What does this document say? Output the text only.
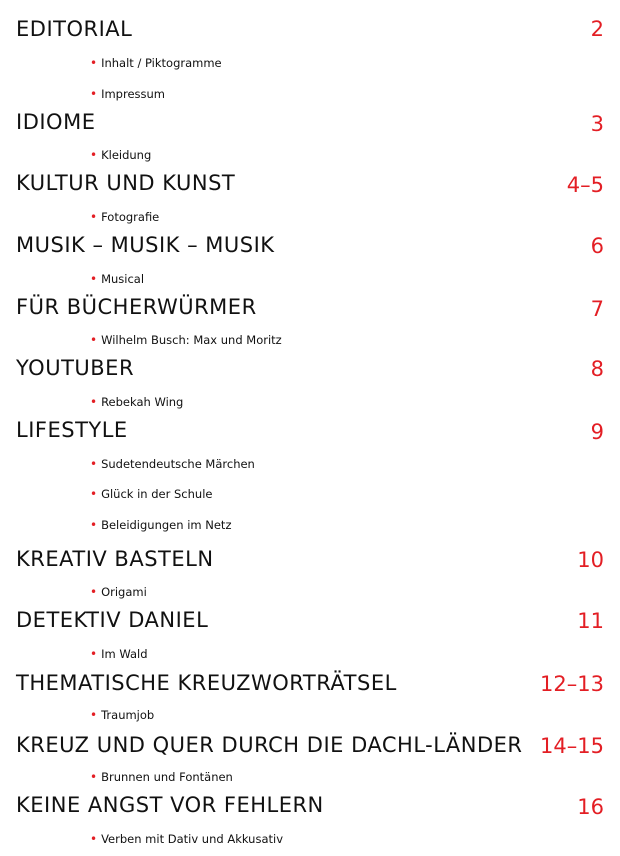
EDITORIAL	2
• Inhalt / Piktogramme
• Impressum
IDIOME	3
• Kleidung
KULTUR UND KUNST	4–5
• Fotografie
MUSIK – MUSIK – MUSIK	6
• Musical
FÜR BÜCHERWÜRMER	7
• Wilhelm Busch: Max und Moritz
YOUTUBER	8
• Rebekah Wing
LIFESTYLE	9
• Sudetendeutsche Märchen
• Glück in der Schule
• Beleidigungen im Netz
KREATIV BASTELN	10
• Origami
DETEKTIV DANIEL	11
• Im Wald
THEMATISCHE KREUZWORTRÄTSEL	12–13
• Traumjob
KREUZ UND QUER DURCH DIE DACHL-LÄNDER 14–15
• Brunnen und Fontänen
KEINE ANGST VOR FEHLERN	16
• Verben mit Dativ und Akkusativ
